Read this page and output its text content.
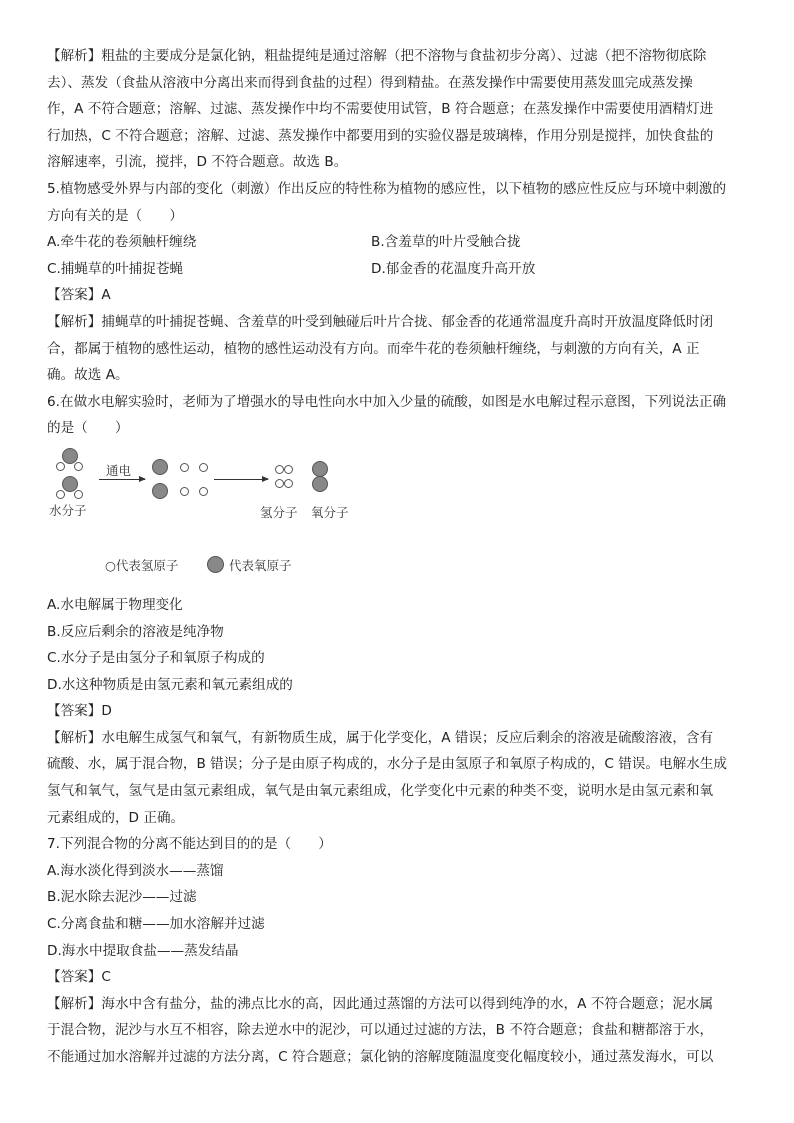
【解析】粗盐的主要成分是氯化钠，粗盐提纯是通过溶解（把不溶物与食盐初步分离）、过滤（把不溶物彻底除

去）、蒸发（食盐从溶液中分离出来而得到食盐的过程）得到精盐。在蒸发操作中需要使用蒸发皿完成蒸发操

作，A 不符合题意；溶解、过滤、蒸发操作中均不需要使用试管，B 符合题意；在蒸发操作中需要使用酒精灯进

行加热，C 不符合题意；溶解、过滤、蒸发操作中都要用到的实验仪器是玻璃棒，作用分别是搅拌，加快食盐的

溶解速率，引流，搅拌，D 不符合题意。故选 B。

5.植物感受外界与内部的变化（刺激）作出反应的特性称为植物的感应性，以下植物的感应性反应与环境中刺激的

方向有关的是（　　）

A.牵牛花的卷须触杆缠绕	B.含羞草的叶片受触合拢
C.捕蝇草的叶捕捉苍蝇	D.郁金香的花温度升高开放

【答案】A

【解析】捕蝇草的叶捕捉苍蝇、含羞草的叶受到触碰后叶片合拢、郁金香的花通常温度升高时开放温度降低时闭

合，都属于植物的感性运动，植物的感性运动没有方向。而牵牛花的卷须触杆缠绕，与刺激的方向有关，A 正

确。故选 A。

6.在做水电解实验时，老师为了增强水的导电性向水中加入少量的硫酸，如图是水电解过程示意图，下列说法正确

的是（　　）

水分子
通电
氢分子 氧分子
○代表氢原子	代表氧原子

A.水电解属于物理变化

B.反应后剩余的溶液是纯净物

C.水分子是由氢分子和氧原子构成的

D.水这种物质是由氢元素和氧元素组成的

【答案】D

【解析】水电解生成氢气和氧气，有新物质生成，属于化学变化，A 错误；反应后剩余的溶液是硫酸溶液，含有

硫酸、水，属于混合物，B 错误；分子是由原子构成的，水分子是由氢原子和氧原子构成的，C 错误。电解水生成

氢气和氧气，氢气是由氢元素组成，氧气是由氧元素组成，化学变化中元素的种类不变，说明水是由氢元素和氧

元素组成的，D 正确。

7.下列混合物的分离不能达到目的的是（　　）

A.海水淡化得到淡水——蒸馏

B.泥水除去泥沙——过滤

C.分离食盐和糖——加水溶解并过滤

D.海水中提取食盐——蒸发结晶

【答案】C

【解析】海水中含有盐分，盐的沸点比水的高，因此通过蒸馏的方法可以得到纯净的水，A 不符合题意；泥水属

于混合物，泥沙与水互不相容，除去逆水中的泥沙，可以通过过滤的方法，B 不符合题意；食盐和糖都溶于水，

不能通过加水溶解并过滤的方法分离，C 符合题意；氯化钠的溶解度随温度变化幅度较小，通过蒸发海水，可以
